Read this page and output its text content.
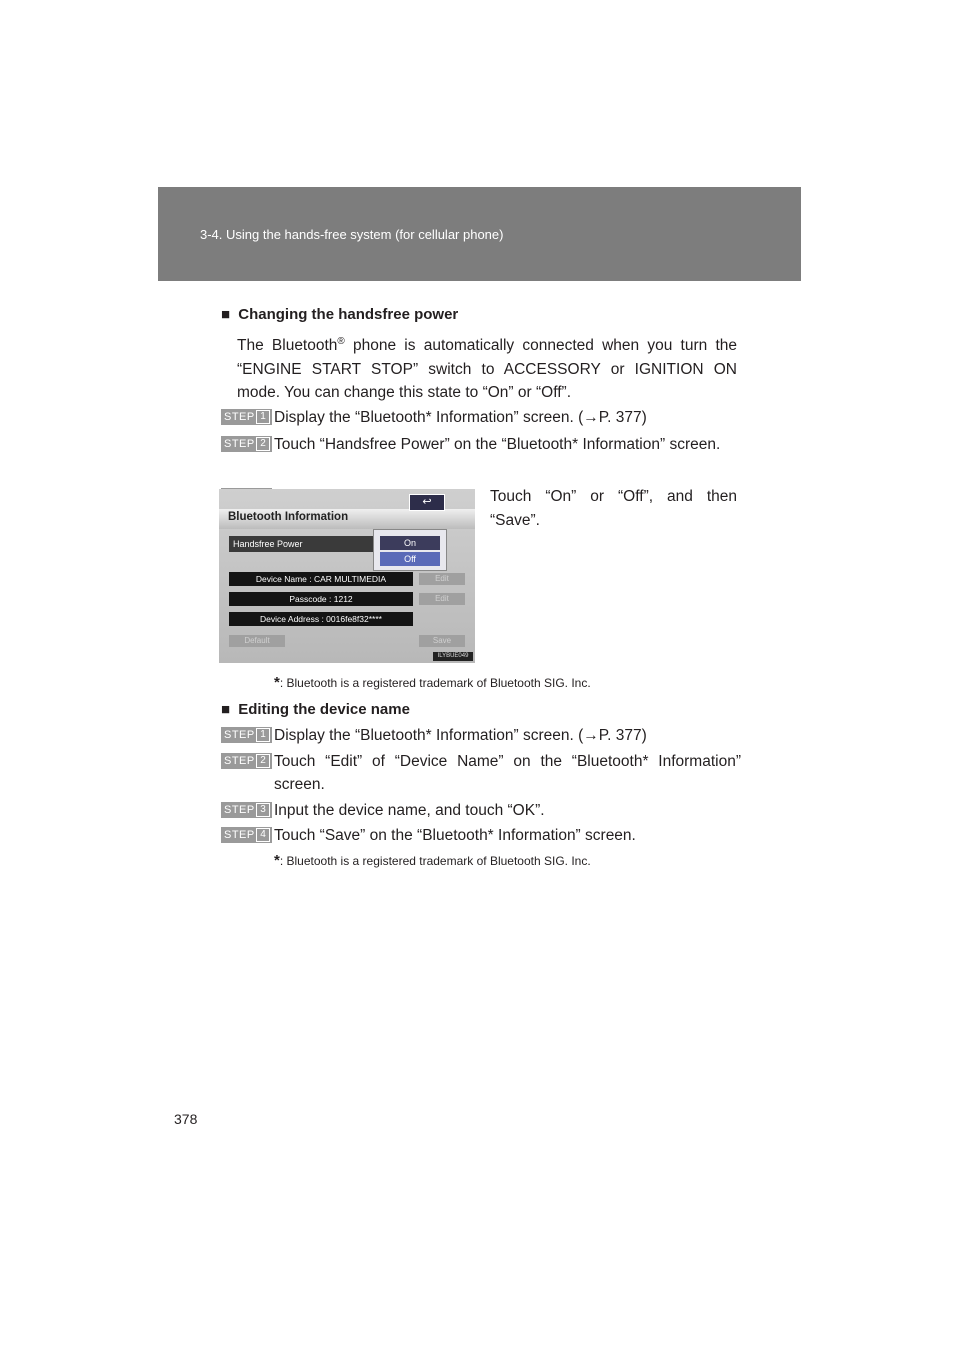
3-4. Using the hands-free system (for cellular phone)
■ Changing the handsfree power
The Bluetooth® phone is automatically connected when you turn the “ENGINE START STOP” switch to ACCESSORY or IGNITION ON mode. You can change this state to “On” or “Off”.
STEP 1 Display the “Bluetooth* Information” screen. (→P. 377)
STEP 2 Touch “Handsfree Power” on the “Bluetooth* Information” screen.
Touch “On” or “Off”, and then “Save”.
Bluetooth Information
↩
Handsfree Power	On
Off
Device Name : CAR MULTIMEDIA	Edit
Passcode : 1212	Edit
Device Address : 0016fe8f32****
Default	Save
ILYBUE049
*: Bluetooth is a registered trademark of Bluetooth SIG. Inc.
■ Editing the device name
STEP 1 Display the “Bluetooth* Information” screen. (→P. 377)
STEP 2 Touch “Edit” of “Device Name” on the “Bluetooth* Information” screen.
STEP 3 Input the device name, and touch “OK”.
STEP 4 Touch “Save” on the “Bluetooth* Information” screen.
*: Bluetooth is a registered trademark of Bluetooth SIG. Inc.
378
